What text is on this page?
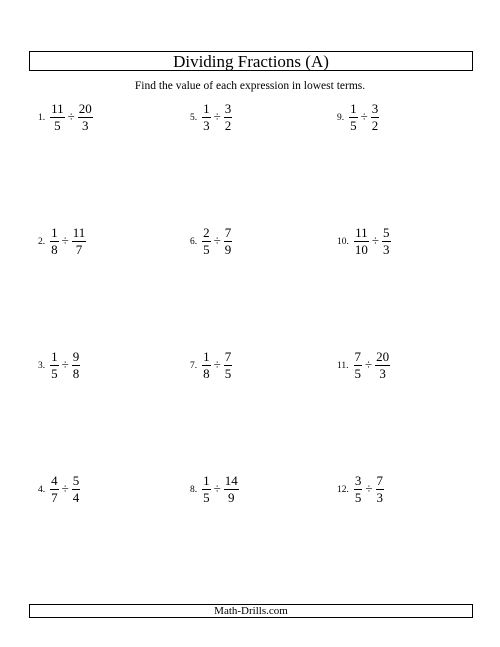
Dividing Fractions (A)
Find the value of each expression in lowest terms.
1. $\frac{11}{5} \div \frac{20}{3}$
2. $\frac{1}{8} \div \frac{11}{7}$
3. $\frac{1}{5} \div \frac{9}{8}$
4. $\frac{4}{7} \div \frac{5}{4}$
5. $\frac{1}{3} \div \frac{3}{2}$
6. $\frac{2}{5} \div \frac{7}{9}$
7. $\frac{1}{8} \div \frac{7}{5}$
8. $\frac{1}{5} \div \frac{14}{9}$
9. $\frac{1}{5} \div \frac{3}{2}$
10. $\frac{11}{10} \div \frac{5}{3}$
11. $\frac{7}{5} \div \frac{20}{3}$
12. $\frac{3}{5} \div \frac{7}{3}$
Math-Drills.com
